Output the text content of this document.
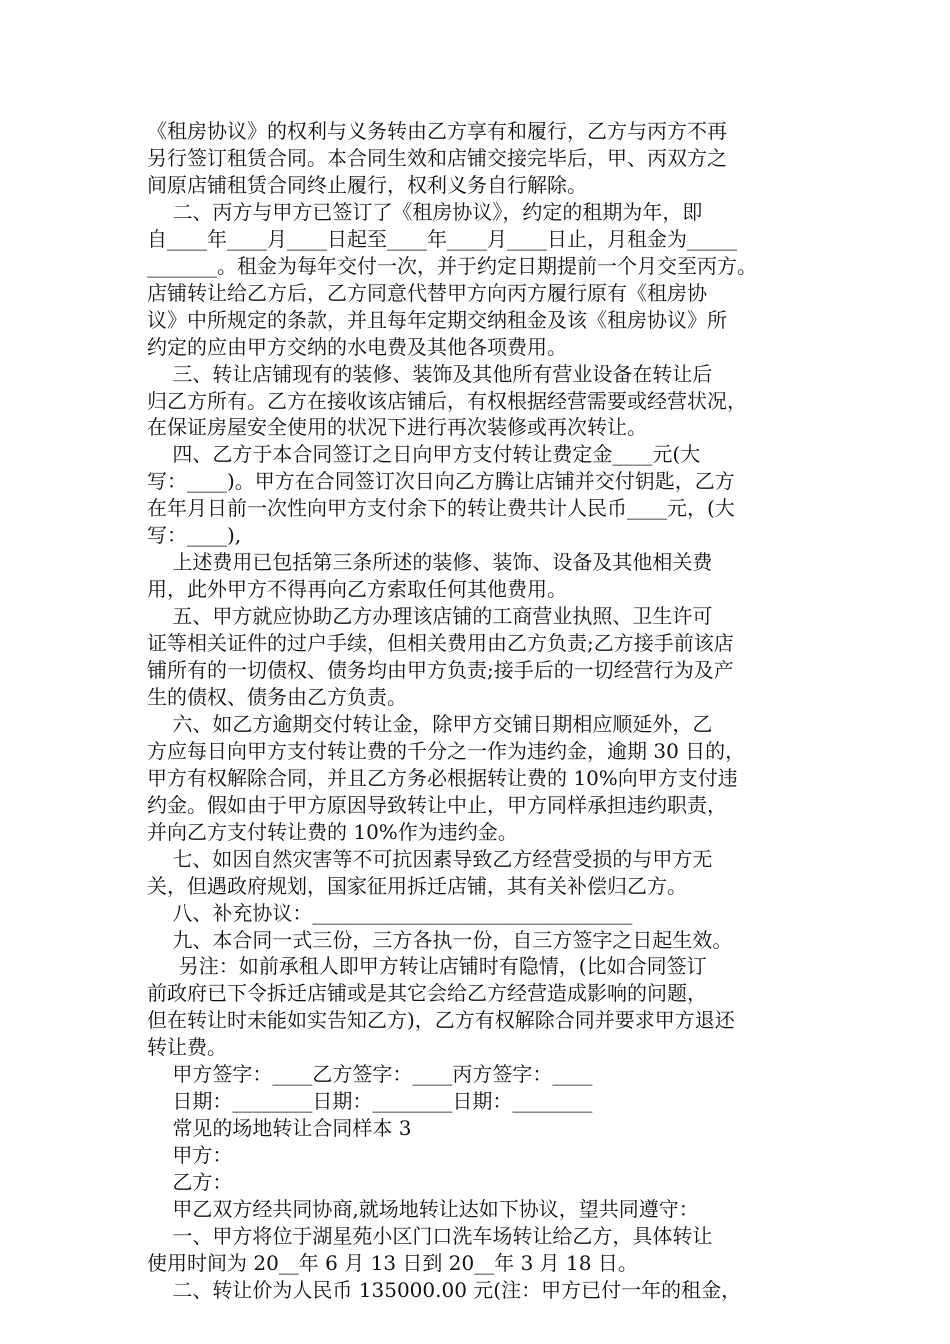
《租房协议》的权利与义务转由乙方享有和履行，乙方与丙方不再
另行签订租赁合同。本合同生效和店铺交接完毕后，甲、丙双方之
间原店铺租赁合同终止履行，权利义务自行解除。
二、丙方与甲方已签订了《租房协议》，约定的租期为年，即
自____年____月____日起至____年____月____日止，月租金为_____
_______。租金为每年交付一次，并于约定日期提前一个月交至丙方。
店铺转让给乙方后，乙方同意代替甲方向丙方履行原有《租房协
议》中所规定的条款，并且每年定期交纳租金及该《租房协议》所
约定的应由甲方交纳的水电费及其他各项费用。
三、转让店铺现有的装修、装饰及其他所有营业设备在转让后
归乙方所有。乙方在接收该店铺后，有权根据经营需要或经营状况，
在保证房屋安全使用的状况下进行再次装修或再次转让。
四、乙方于本合同签订之日向甲方支付转让费定金____元(大
写：____)。甲方在合同签订次日向乙方腾让店铺并交付钥匙，乙方
在年月日前一次性向甲方支付余下的转让费共计人民币____元，(大
写：____),
上述费用已包括第三条所述的装修、装饰、设备及其他相关费
用，此外甲方不得再向乙方索取任何其他费用。
五、甲方就应协助乙方办理该店铺的工商营业执照、卫生许可
证等相关证件的过户手续，但相关费用由乙方负责;乙方接手前该店
铺所有的一切债权、债务均由甲方负责;接手后的一切经营行为及产
生的债权、债务由乙方负责。
六、如乙方逾期交付转让金，除甲方交铺日期相应顺延外，乙
方应每日向甲方支付转让费的千分之一作为违约金，逾期 30 日的，
甲方有权解除合同，并且乙方务必根据转让费的 10%向甲方支付违
约金。假如由于甲方原因导致转让中止，甲方同样承担违约职责，
并向乙方支付转让费的 10%作为违约金。
七、如因自然灾害等不可抗因素导致乙方经营受损的与甲方无
关，但遇政府规划，国家征用拆迁店铺，其有关补偿归乙方。
八、补充协议：________________________________
九、本合同一式三份，三方各执一份，自三方签字之日起生效。
另注：如前承租人即甲方转让店铺时有隐情，(比如合同签订
前政府已下令拆迁店铺或是其它会给乙方经营造成影响的问题，
但在转让时未能如实告知乙方)，乙方有权解除合同并要求甲方退还
转让费。
甲方签字：____乙方签字：____丙方签字：____
日期：________日期：________日期：________
常见的场地转让合同样本 3
甲方：
乙方：
甲乙双方经共同协商,就场地转让达如下协议，望共同遵守：
一、甲方将位于湖星苑小区门口洗车场转让给乙方，具体转让
使用时间为 20__年 6 月 13 日到 20__年 3 月 18 日。
二、转让价为人民币 135000.00 元(注：甲方已付一年的租金，
